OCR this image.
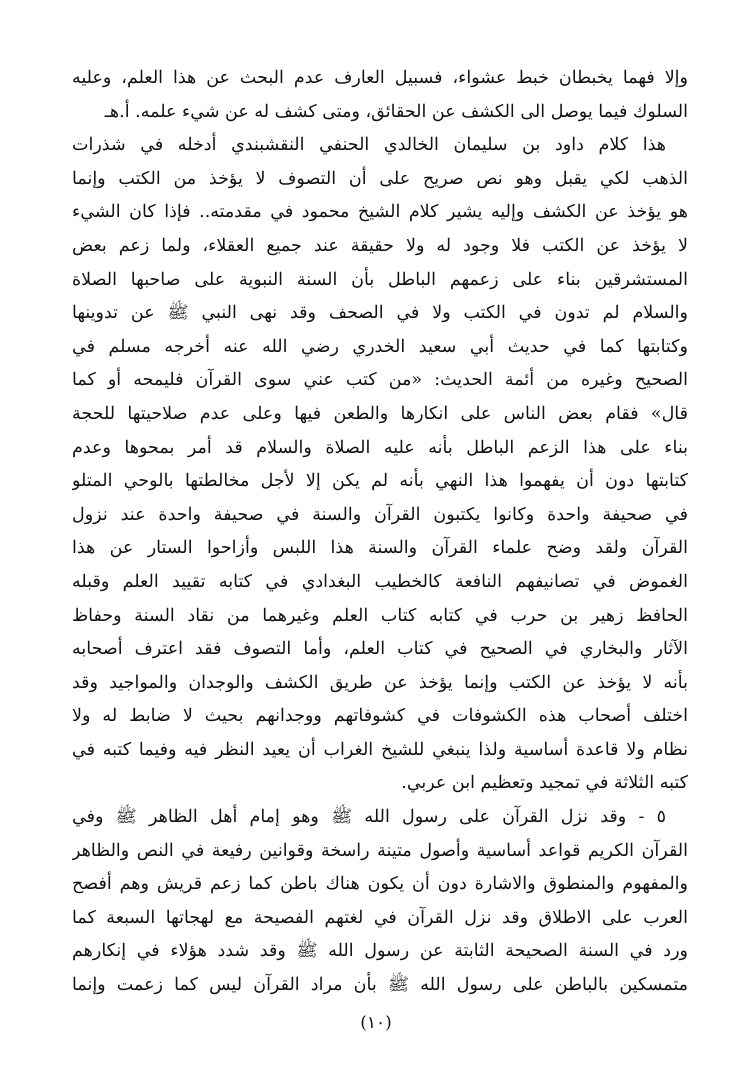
وإلا فهما يخبطان خبط عشواء، فسبيل العارف عدم البحث عن هذا العلم، وعليه
السلوك فيما يوصل الى الكشف عن الحقائق، ومتى كشف له عن شيء علمه. أ.هـ
هذا كلام داود بن سليمان الخالدي الحنفي النقشبندي أدخله في شذرات
الذهب لكي يقبل وهو نص صريح على أن التصوف لا يؤخذ من الكتب وإنما
هو يؤخذ عن الكشف وإليه يشير كلام الشيخ محمود في مقدمته.. فإذا كان الشيء
لا يؤخذ عن الكتب فلا وجود له ولا حقيقة عند جميع العقلاء، ولما زعم بعض
المستشرقين بناء على زعمهم الباطل بأن السنة النبوية على صاحبها الصلاة
والسلام لم تدون في الكتب ولا في الصحف وقد نهى النبي ﷺ عن تدوينها
وكتابتها كما في حديث أبي سعيد الخدري رضي الله عنه أخرجه مسلم في
الصحيح وغيره من أئمة الحديث: «من كتب عني سوى القرآن فليمحه أو كما
قال» فقام بعض الناس على انكارها والطعن فيها وعلى عدم صلاحيتها للحجة
بناء على هذا الزعم الباطل بأنه عليه الصلاة والسلام قد أمر بمحوها وعدم
كتابتها دون أن يفهموا هذا النهي بأنه لم يكن إلا لأجل مخالطتها بالوحي المتلو
في صحيفة واحدة وكانوا يكتبون القرآن والسنة في صحيفة واحدة عند نزول
القرآن ولقد وضح علماء القرآن والسنة هذا اللبس وأزاحوا الستار عن هذا
الغموض في تصانيفهم النافعة كالخطيب البغدادي في كتابه تقييد العلم وقبله
الحافظ زهير بن حرب في كتابه كتاب العلم وغيرهما من نقاد السنة وحفاظ
الآثار والبخاري في الصحيح في كتاب العلم، وأما التصوف فقد اعترف أصحابه
بأنه لا يؤخذ عن الكتب وإنما يؤخذ عن طريق الكشف والوجدان والمواجيد وقد
اختلف أصحاب هذه الكشوفات في كشوفاتهم ووجدانهم بحيث لا ضابط له ولا
نظام ولا قاعدة أساسية ولذا ينبغي للشيخ الغراب أن يعيد النظر فيه وفيما كتبه في
كتبه الثلاثة في تمجيد وتعظيم ابن عربي.
٥ - وقد نزل القرآن على رسول الله ﷺ وهو إمام أهل الظاهر ﷺ وفي
القرآن الكريم قواعد أساسية وأصول متينة راسخة وقوانين رفيعة في النص والظاهر
والمفهوم والمنطوق والاشارة دون أن يكون هناك باطن كما زعم قريش وهم أفصح
العرب على الاطلاق وقد نزل القرآن في لغتهم الفصيحة مع لهجاتها السبعة كما
ورد في السنة الصحيحة الثابتة عن رسول الله ﷺ وقد شدد هؤلاء في إنكارهم
متمسكين بالباطن على رسول الله ﷺ بأن مراد القرآن ليس كما زعمت وإنما
(١٠)
